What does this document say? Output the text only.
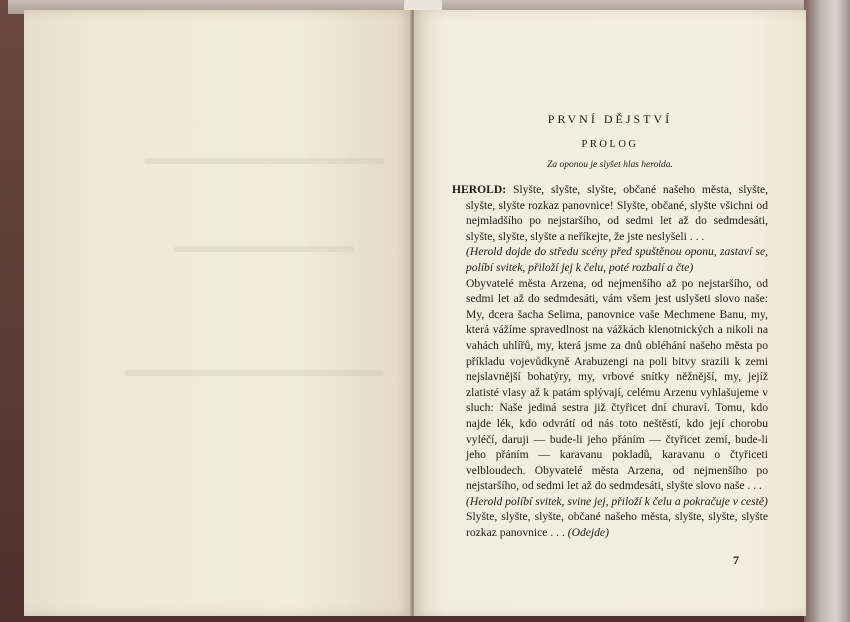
PRVNÍ DĚJSTVÍ

PROLOG

Za oponou je slyšet hlas herolda.

HEROLD: Slyšte, slyšte, slyšte, občané našeho města, slyšte, slyšte, slyšte rozkaz panovnice! Slyšte, občané, slyšte všichni od nejmladšího po nejstaršího, od sedmi let až do sedmdesáti, slyšte, slyšte, slyšte a neříkejte, že jste neslyšeli . . .

(Herold dojde do středu scény před spuštěnou oponu, zastaví se, políbí svitek, přiloží jej k čelu, poté rozbalí a čte)

Obyvatelé města Arzena, od nejmenšího až po nejstaršího, od sedmi let až do sedmdesáti, vám všem jest uslyšeti slovo naše: My, dcera šacha Selima, panovnice vaše Mechmene Banu, my, která vážíme spravedlnost na vážkách klenotnických a nikoli na vahách uhlířů, my, která jsme za dnů obléhání našeho města po příkladu vojevůdkyně Arabuzengi na poli bitvy srazili k zemi nejslavnější bohatýry, my, vrbové snítky něžnější, my, jejíž zlatisté vlasy až k patám splývají, celému Arzenu vyhlašujeme v sluch: Naše jediná sestra již čtyřicet dní churaví. Tomu, kdo najde lék, kdo odvrátí od nás toto neštěstí, kdo její chorobu vyléčí, daruji — bude-li jeho přáním — čtyřicet zemí, bude-li jeho přáním — karavanu pokladů, karavanu o čtyřiceti velbloudech. Obyvatelé města Arzena, od nejmenšího po nejstaršího, od sedmi let až do sedmdesáti, slyšte slovo naše . . .

(Herold políbí svitek, svine jej, přiloží k čelu a pokračuje v cestě)

Slyšte, slyšte, slyšte, občané našeho města, slyšte, slyšte, slyšte rozkaz panovnice . . . (Odejde)

7
